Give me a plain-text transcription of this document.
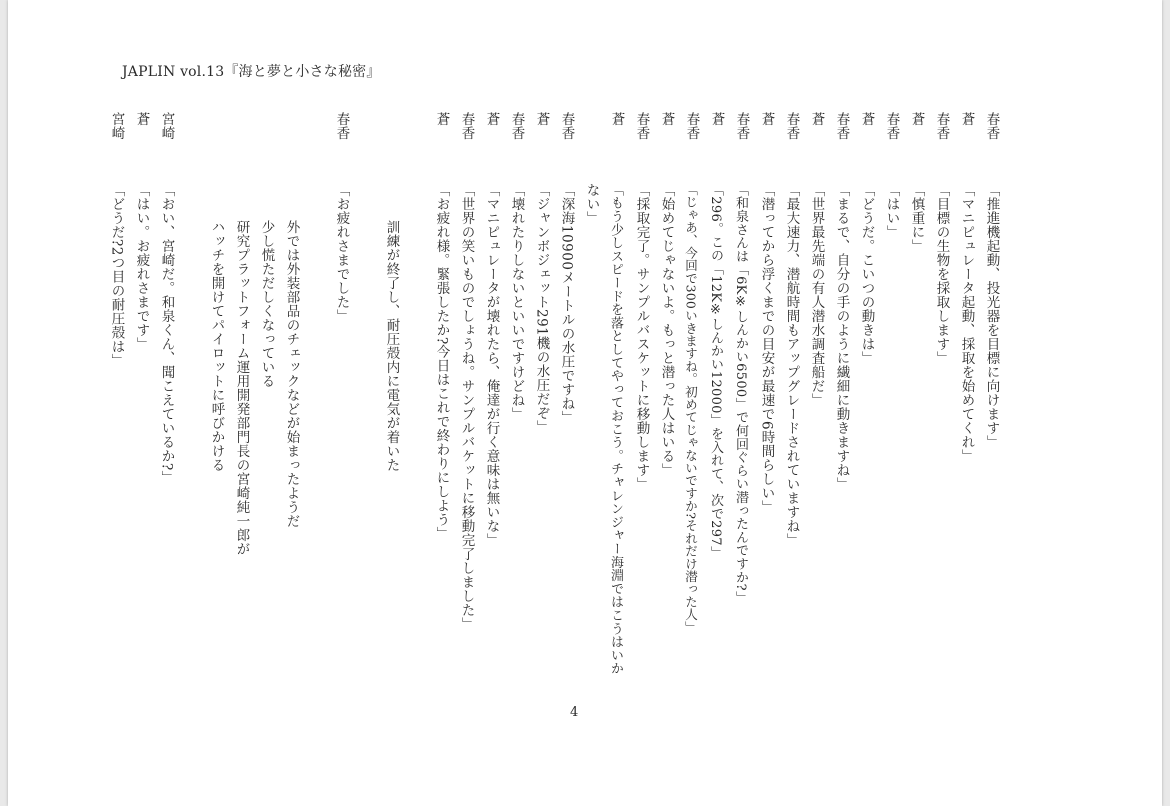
JAPLIN vol.13『海と夢と小さな秘密』
春香
「推進機起動、投光器を目標に向けます」
蒼
「マニピュレータ起動、採取を始めてくれ」
春香
「目標の生物を採取します」
蒼
「慎重に」
春香
「はい」
蒼
「どうだ。こいつの動きは」
春香
「まるで、自分の手のように繊細に動きますね」
蒼
「世界最先端の有人潜水調査船だ」
春香
「最大速力、潜航時間もアップグレードされていますね」
蒼
「潜ってから浮くまでの目安が最速で6時間らしい」
春香
「和泉さんは「6K※しんかい6500」で何回ぐらい潜ったんですか?」
蒼
「296。この「12K※しんかい12000」を入れて、次で297」
春香
「じゃあ、今回で300いきますね。初めてじゃないですか?それだけ潜った人」
蒼
「始めてじゃないよ。もっと潜った人はいる」
春香
「採取完了。サンプルバスケットに移動します」
蒼
「もう少しスピードを落としてやっておこう。チャレンジャー海淵ではこうはいか
ない」
春香
「深海10900メートルの水圧ですね」
蒼
「ジャンボジェット291機の水圧だぞ」
春香
「壊れたりしないといいですけどね」
蒼
「マニピュレータが壊れたら、俺達が行く意味は無いな」
春香
「世界の笑いものでしょうね。サンプルバケットに移動完了しました」
蒼
「お疲れ様。緊張したか?今日はこれで終わりにしよう」
訓練が終了し、耐圧殻内に電気が着いた
春香
「お疲れさまでした」
外では外装部品のチェックなどが始まったようだ
少し慌ただしくなっている
研究プラットフォーム運用開発部門長の宮崎純一郎が
ハッチを開けてパイロットに呼びかける
宮崎
「おい、宮崎だ。和泉くん、聞こえているか?」
蒼
「はい。お疲れさまです」
宮崎
「どうだ?2つ目の耐圧殻は」
4
